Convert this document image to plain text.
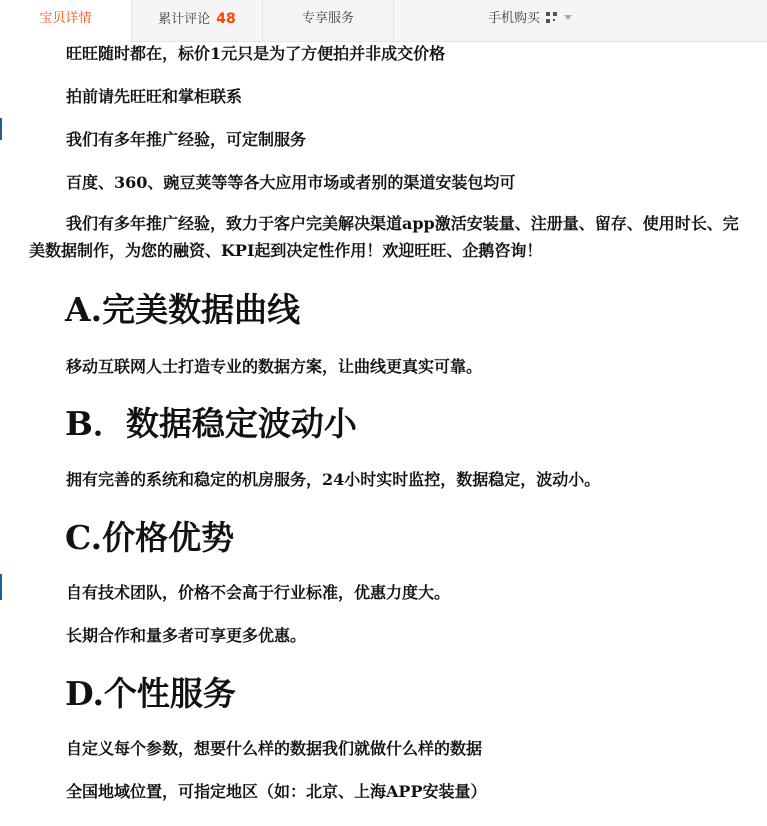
宝贝详情	累计评论 48	专享服务	手机购买
旺旺随时都在，标价1元只是为了方便拍并非成交价格
拍前请先旺旺和掌柜联系
我们有多年推广经验，可定制服务
百度、360、豌豆荚等等各大应用市场或者别的渠道安装包均可
我们有多年推广经验，致力于客户完美解决渠道app激活安装量、注册量、留存、使用时长、完美数据制作，为您的融资、KPI起到决定性作用！欢迎旺旺、企鹅咨询！
A.完美数据曲线
移动互联网人士打造专业的数据方案，让曲线更真实可靠。
B．数据稳定波动小
拥有完善的系统和稳定的机房服务，24小时实时监控，数据稳定，波动小。
C.价格优势
自有技术团队，价格不会高于行业标准，优惠力度大。
长期合作和量多者可享更多优惠。
D.个性服务
自定义每个参数，想要什么样的数据我们就做什么样的数据
全国地域位置，可指定地区（如：北京、上海APP安装量）
